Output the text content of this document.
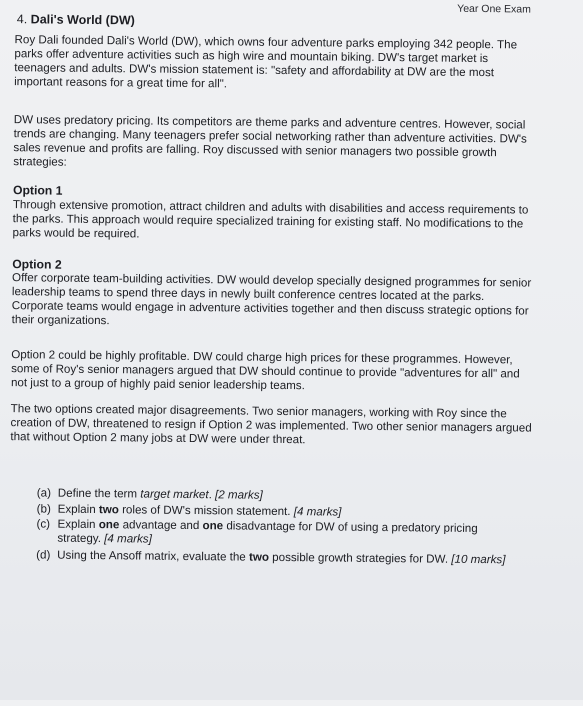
Year One Exam
4. Dali's World (DW)

Roy Dali founded Dali's World (DW), which owns four adventure parks employing 342 people. The parks offer adventure activities such as high wire and mountain biking. DW's target market is teenagers and adults. DW's mission statement is: "safety and affordability at DW are the most important reasons for a great time for all".

DW uses predatory pricing. Its competitors are theme parks and adventure centres. However, social trends are changing. Many teenagers prefer social networking rather than adventure activities. DW's sales revenue and profits are falling. Roy discussed with senior managers two possible growth strategies:

Option 1

Through extensive promotion, attract children and adults with disabilities and access requirements to the parks. This approach would require specialized training for existing staff. No modifications to the parks would be required.

Option 2

Offer corporate team-building activities. DW would develop specially designed programmes for senior leadership teams to spend three days in newly built conference centres located at the parks. Corporate teams would engage in adventure activities together and then discuss strategic options for their organizations.

Option 2 could be highly profitable. DW could charge high prices for these programmes. However, some of Roy's senior managers argued that DW should continue to provide "adventures for all" and not just to a group of highly paid senior leadership teams.

The two options created major disagreements. Two senior managers, working with Roy since the creation of DW, threatened to resign if Option 2 was implemented. Two other senior managers argued that without Option 2 many jobs at DW were under threat.

(a) Define the term target market. [2 marks]

(b) Explain two roles of DW's mission statement. [4 marks]

(c) Explain one advantage and one disadvantage for DW of using a predatory pricing
strategy. [4 marks]

(d) Using the Ansoff matrix, evaluate the two possible growth strategies for DW. [10 marks]
